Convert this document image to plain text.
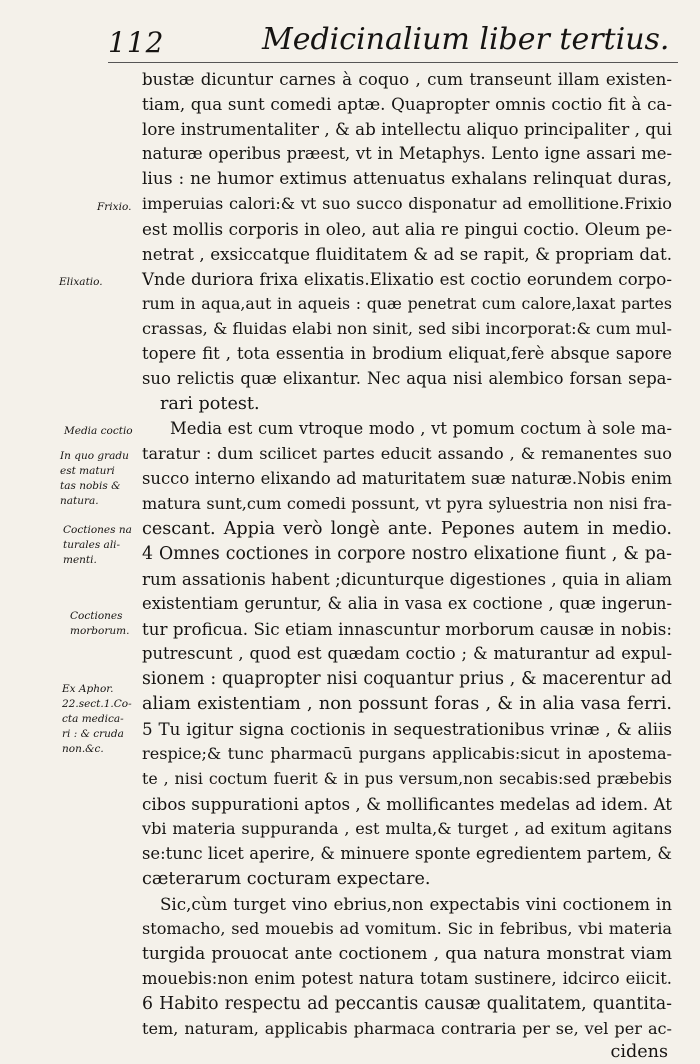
112	Medicinalium liber tertius.
bustæ dicuntur carnes à coquo , cum transeunt illam existen-
tiam, qua sunt comedi aptæ. Quapropter omnis coctio fit à ca-
lore instrumentaliter , & ab intellectu aliquo principaliter , qui
naturæ operibus præest, vt in Metaphys. Lento igne assari me-
lius : ne humor extimus attenuatus exhalans relinquat duras,
imperuias calori:& vt suo succo disponatur ad emollitione.Frixio
est mollis corporis in oleo, aut alia re pingui coctio. Oleum pe-
netrat , exsiccatque fluiditatem & ad se rapit, & propriam dat.
Vnde duriora frixa elixatis.Elixatio est coctio eorundem corpo-
rum in aqua,aut in aqueis : quæ penetrat cum calore,laxat partes
crassas, & fluidas elabi non sinit, sed sibi incorporat:& cum mul-
topere fit , tota essentia in brodium eliquat,ferè absque sapore
suo relictis quæ elixantur. Nec aqua nisi alembico forsan sepa-
rari potest.
Media est cum vtroque modo , vt pomum coctum à sole ma-
taratur : dum scilicet partes educit assando , & remanentes suo
succo interno elixando ad maturitatem suæ naturæ.Nobis enim
matura sunt,cum comedi possunt, vt pyra syluestria non nisi fra-
cescant. Appia verò longè ante. Pepones autem in medio.
4 Omnes coctiones in corpore nostro elixatione fiunt , & pa-
rum assationis habent ;dicunturque digestiones , quia in aliam
existentiam geruntur, & alia in vasa ex coctione , quæ ingerun-
tur proficua. Sic etiam innascuntur morborum causæ in nobis:
putrescunt , quod est quædam coctio ; & maturantur ad expul-
sionem : quapropter nisi coquantur prius , & macerentur ad
aliam existentiam , non possunt foras , & in alia vasa ferri.
5 Tu igitur signa coctionis in sequestrationibus vrinæ , & aliis
respice;& tunc pharmacū purgans applicabis:sicut in apostema-
te , nisi coctum fuerit & in pus versum,non secabis:sed præbebis
cibos suppurationi aptos , & mollificantes medelas ad idem. At
vbi materia suppuranda , est multa,& turget , ad exitum agitans
se:tunc licet aperire, & minuere sponte egredientem partem, &
cæterarum cocturam expectare.
Sic,cùm turget vino ebrius,non expectabis vini coctionem in
stomacho, sed mouebis ad vomitum. Sic in febribus, vbi materia
turgida prouocat ante coctionem , qua natura monstrat viam
mouebis:non enim potest natura totam sustinere, idcirco eiicit.
6 Habito respectu ad peccantis causæ qualitatem, quantita-
tem, naturam, applicabis pharmaca contraria per se, vel per ac-
cidens
Frixio.
Elixatio.
Media coctio
In quo gradu
est maturi
tas nobis &
natura.
Coctiones na
turales ali-
menti.
Coctiones
morborum.
Ex Aphor.
22.sect.1.Co-
cta medica-
ri : & cruda
non.&c.
